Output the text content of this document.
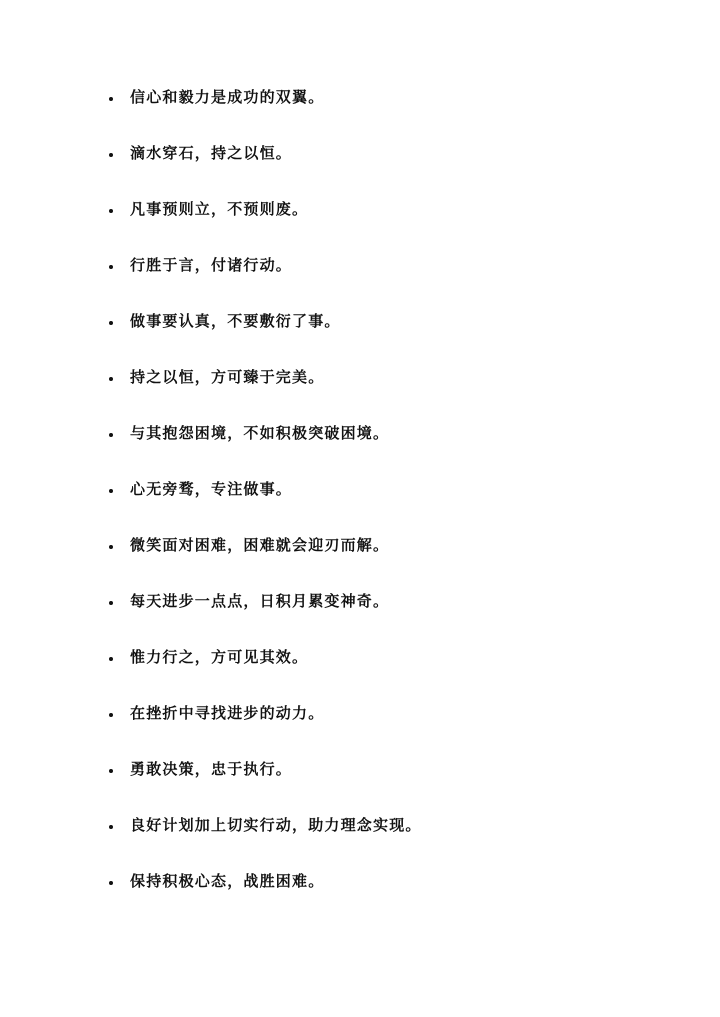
信心和毅力是成功的双翼。
滴水穿石，持之以恒。
凡事预则立，不预则废。
行胜于言，付诸行动。
做事要认真，不要敷衍了事。
持之以恒，方可臻于完美。
与其抱怨困境，不如积极突破困境。
心无旁骛，专注做事。
微笑面对困难，困难就会迎刃而解。
每天进步一点点，日积月累变神奇。
惟力行之，方可见其效。
在挫折中寻找进步的动力。
勇敢决策，忠于执行。
良好计划加上切实行动，助力理念实现。
保持积极心态，战胜困难。
